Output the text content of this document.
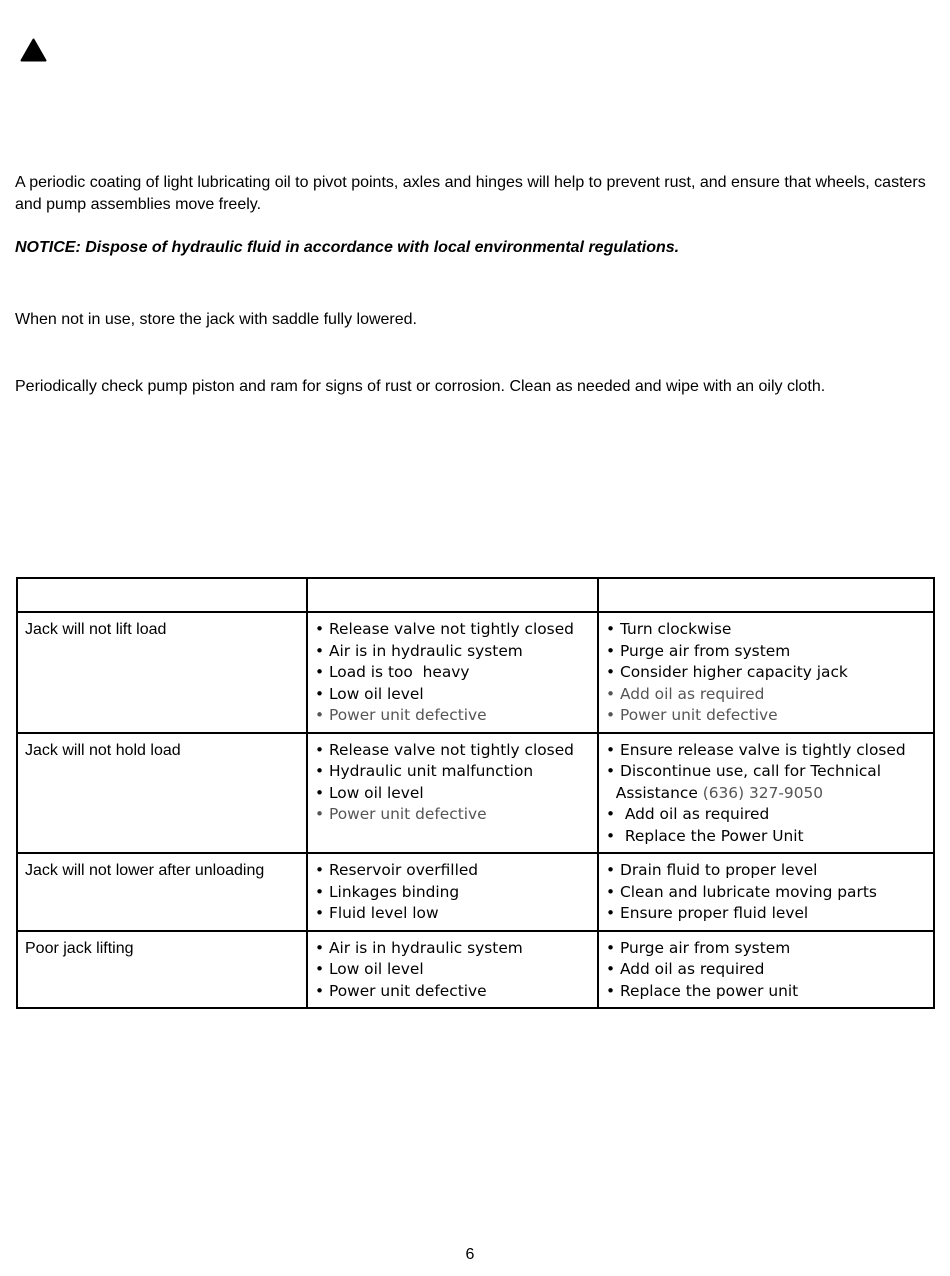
A periodic coating of light lubricating oil to pivot points, axles and hinges will help to prevent rust, and ensure that wheels, casters and pump assemblies move freely.

NOTICE: Dispose of hydraulic fluid in accordance with local environmental regulations.

When not in use, store the jack with saddle fully lowered.

Periodically check pump piston and ram for signs of rust or corrosion. Clean as needed and wipe with an oily cloth.

Jack will not lift load	• Release valve not tightly closed
• Air is in hydraulic system
• Load is too  heavy
• Low oil level
• Power unit defective	• Turn clockwise
• Purge air from system
• Consider higher capacity jack
• Add oil as required
• Power unit defective

Jack will not hold load	• Release valve not tightly closed
• Hydraulic unit malfunction
• Low oil level
• Power unit defective	• Ensure release valve is tightly closed
• Discontinue use, call for Technical
Assistance (636) 327-9050
•  Add oil as required
•  Replace the Power Unit

Jack will not lower after unloading	• Reservoir overfilled
• Linkages binding
• Fluid level low	• Drain fluid to proper level
• Clean and lubricate moving parts
• Ensure proper fluid level

Poor jack lifting	• Air is in hydraulic system
• Low oil level
• Power unit defective	• Purge air from system
• Add oil as required
• Replace the power unit
6
